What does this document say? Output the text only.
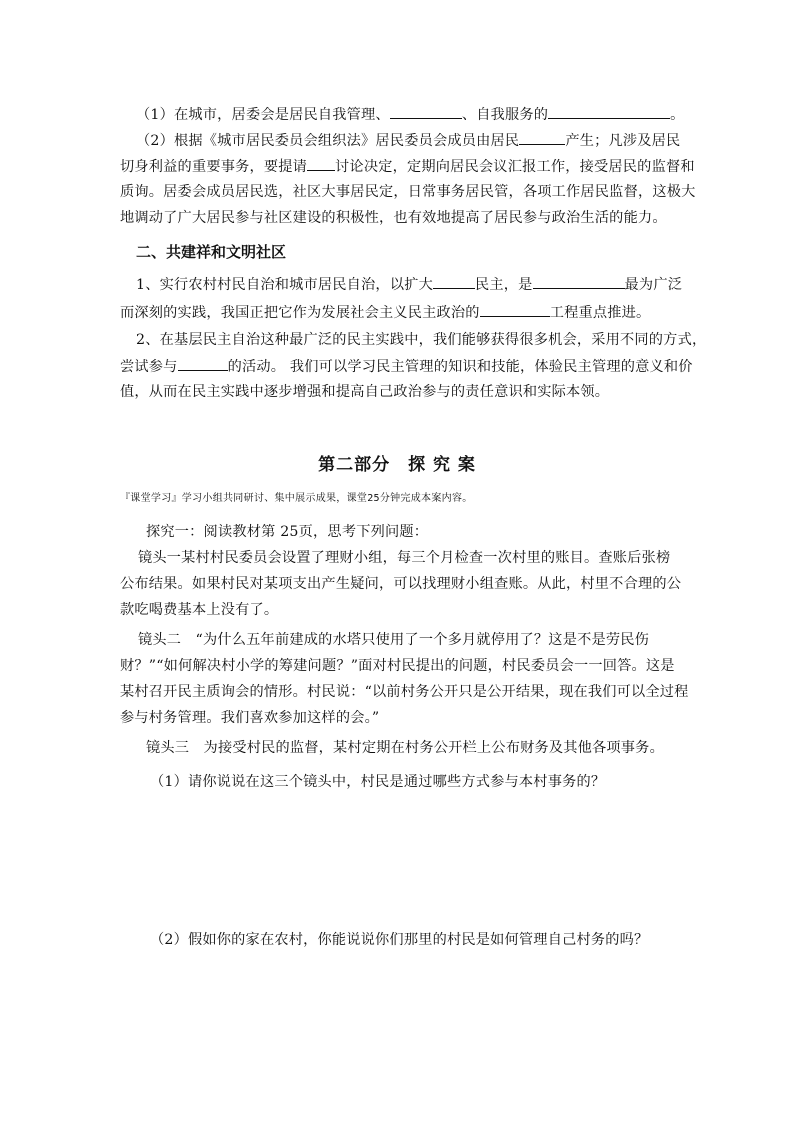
（1）在城市，居委会是居民自我管理、	、自我服务的	。
（2）根据《城市居民委员会组织法》居民委员会成员由居民	产生；凡涉及居民
切身利益的重要事务，要提请 讨论决定，定期向居民会议汇报工作，接受居民的监督和
质询。居委会成员居民选，社区大事居民定，日常事务居民管，各项工作居民监督，这极大
地调动了广大居民参与社区建设的积极性，也有效地提高了居民参与政治生活的能力。
二、共建祥和文明社区
1、实行农村村民自治和城市居民自治，以扩大	民主，是	最为广泛
而深刻的实践，我国正把它作为发展社会主义民主政治的	工程重点推进。
2、在基层民主自治这种最广泛的民主实践中，我们能够获得很多机会，采用不同的方式，
尝试参与	的活动。 我们可以学习民主管理的知识和技能，体验民主管理的意义和价
值，从而在民主实践中逐步增强和提高自己政治参与的责任意识和实际本领。
第二部分　探 究 案
『课堂学习』学习小组共同研讨、集中展示成果，课堂25分钟完成本案内容。
探究一：阅读教材第 25页，思考下列问题：
镜头一某村村民委员会设置了理财小组，每三个月检查一次村里的账目。查账后张榜
公布结果。如果村民对某项支出产生疑问，可以找理财小组查账。从此，村里不合理的公
款吃喝费基本上没有了。
镜头二　“为什么五年前建成的水塔只使用了一个多月就停用了？这是不是劳民伤
财？”“如何解决村小学的筹建问题？”面对村民提出的问题，村民委员会一一回答。这是
某村召开民主质询会的情形。村民说：“以前村务公开只是公开结果，现在我们可以全过程
参与村务管理。我们喜欢参加这样的会。”
镜头三　为接受村民的监督，某村定期在村务公开栏上公布财务及其他各项事务。
（1）请你说说在这三个镜头中，村民是通过哪些方式参与本村事务的？
（2）假如你的家在农村，你能说说你们那里的村民是如何管理自己村务的吗？
